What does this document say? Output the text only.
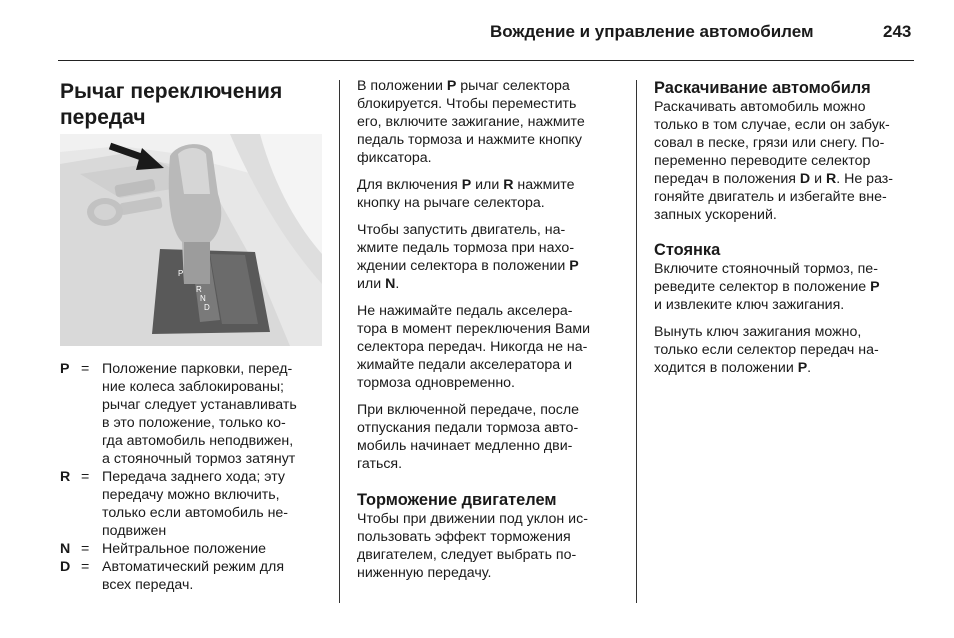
Вождение и управление автомобилем	243
Рычаг переключения
передач
P
R
N
D
P = Положение парковки, перед-
ние колеса заблокированы;
рычаг следует устанавливать
в это положение, только ко-
гда автомобиль неподвижен,
а стояночный тормоз затянут
R = Передача заднего хода; эту
передачу можно включить,
только если автомобиль не-
подвижен
N = Нейтральное положение
D = Автоматический режим для
всех передач.

В положении P рычаг селектора
блокируется. Чтобы переместить
его, включите зажигание, нажмите
педаль тормоза и нажмите кнопку
фиксатора.

Для включения P или R нажмите
кнопку на рычаге селектора.

Чтобы запустить двигатель, на-
жмите педаль тормоза при нахо-
ждении селектора в положении P
или N.

Не нажимайте педаль акселера-
тора в момент переключения Вами
селектора передач. Никогда не на-
жимайте педали акселератора и
тормоза одновременно.

При включенной передаче, после
отпускания педали тормоза авто-
мобиль начинает медленно дви-
гаться.

Торможение двигателем

Чтобы при движении под уклон ис-
пользовать эффект торможения
двигателем, следует выбрать по-
ниженную передачу.

Раскачивание автомобиля

Раскачивать автомобиль можно
только в том случае, если он забук-
совал в песке, грязи или снегу. По-
переменно переводите селектор
передач в положения D и R. Не раз-
гоняйте двигатель и избегайте вне-
запных ускорений.

Стоянка

Включите стояночный тормоз, пе-
реведите селектор в положение P
и извлеките ключ зажигания.

Вынуть ключ зажигания можно,
только если селектор передач на-
ходится в положении P.
